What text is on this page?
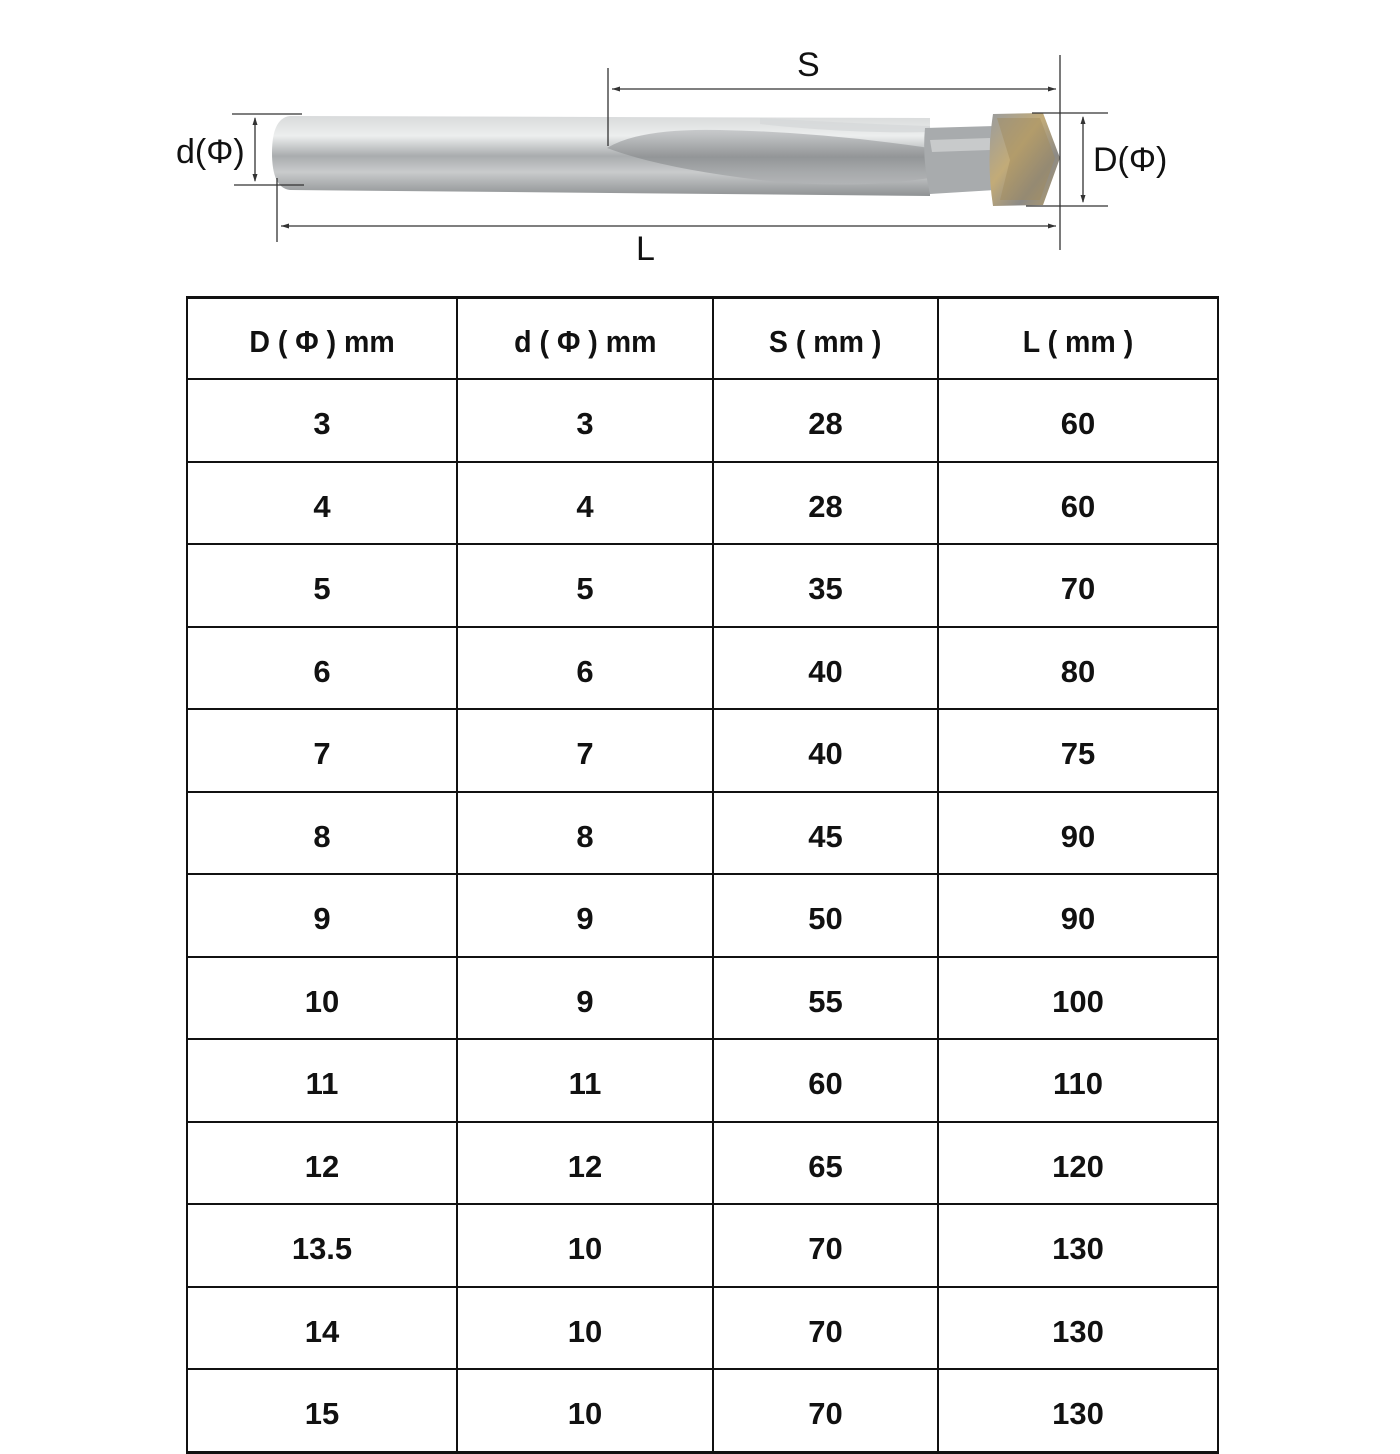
S
L
d(Φ)	D(Φ)
D ( Φ ) mm	d ( Φ ) mm	S ( mm )	L ( mm )
3	3	28	60
4	4	28	60
5	5	35	70
6	6	40	80
7	7	40	75
8	8	45	90
9	9	50	90
10	9	55	100
11	11	60	110
12	12	65	120
13.5	10	70	130
14	10	70	130
15	10	70	130
